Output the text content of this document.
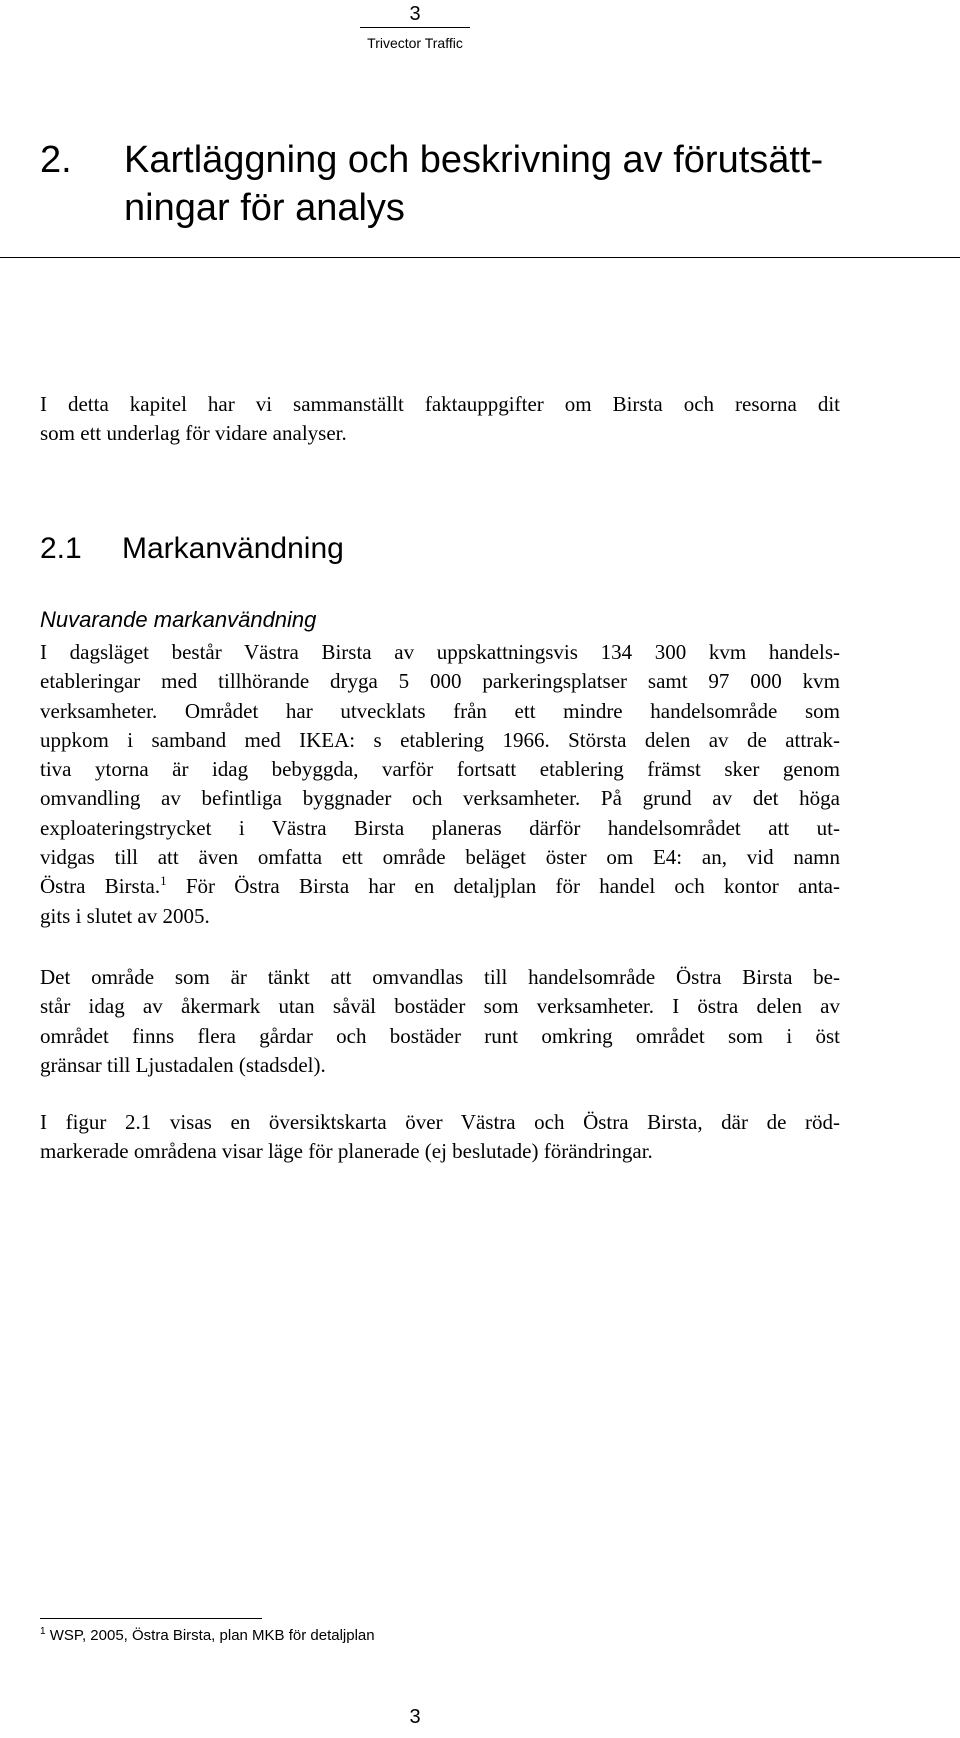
3
Trivector Traffic
2. Kartläggning och beskrivning av förutsätt-
ningar för analys
I detta kapitel har vi sammanställt faktauppgifter om Birsta och resorna dit
som ett underlag för vidare analyser.
2.1 Markanvändning
Nuvarande markanvändning
I dagsläget består Västra Birsta av uppskattningsvis 134 300 kvm handels-
etableringar med tillhörande dryga 5 000 parkeringsplatser samt 97 000 kvm
verksamheter. Området har utvecklats från ett mindre handelsområde som
uppkom i samband med IKEA: s etablering 1966. Största delen av de attrak-
tiva ytorna är idag bebyggda, varför fortsatt etablering främst sker genom
omvandling av befintliga byggnader och verksamheter. På grund av det höga
exploateringstrycket i Västra Birsta planeras därför handelsområdet att ut-
vidgas till att även omfatta ett område beläget öster om E4: an, vid namn
Östra Birsta.$^1$ För Östra Birsta har en detaljplan för handel och kontor anta-
gits i slutet av 2005.
Det område som är tänkt att omvandlas till handelsområde Östra Birsta be-
står idag av åkermark utan såväl bostäder som verksamheter. I östra delen av
området finns flera gårdar och bostäder runt omkring området som i öst
gränsar till Ljustadalen (stadsdel).
I figur 2.1 visas en översiktskarta över Västra och Östra Birsta, där de röd-
markerade områdena visar läge för planerade (ej beslutade) förändringar.
$^1$ WSP, 2005, Östra Birsta, plan MKB för detaljplan
3
